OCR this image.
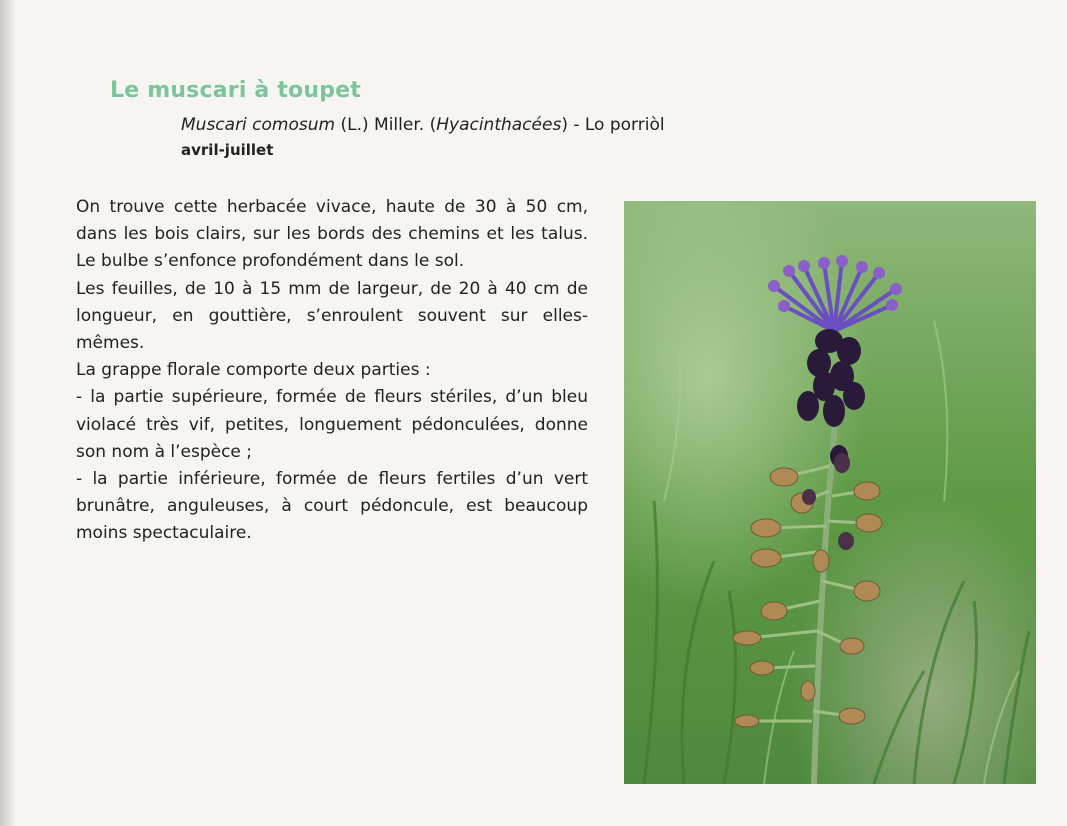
Le muscari à toupet
Muscari comosum (L.) Miller. (Hyacinthacées) - Lo porriòl
avril-juillet

On trouve cette herbacée vivace, haute de 30 à 50 cm, dans les bois clairs, sur les bords des chemins et les talus. Le bulbe s’enfonce profondément dans le sol.

Les feuilles, de 10 à 15 mm de largeur, de 20 à 40 cm de longueur, en gouttière, s’enroulent souvent sur elles-mêmes.

La grappe florale comporte deux parties :

- la partie supérieure, formée de fleurs stériles, d’un bleu violacé très vif, petites, longuement pédonculées, donne son nom à l’espèce ;

- la partie inférieure, formée de fleurs fertiles d’un vert brunâtre, anguleuses, à court pédoncule, est beaucoup moins spectaculaire.
